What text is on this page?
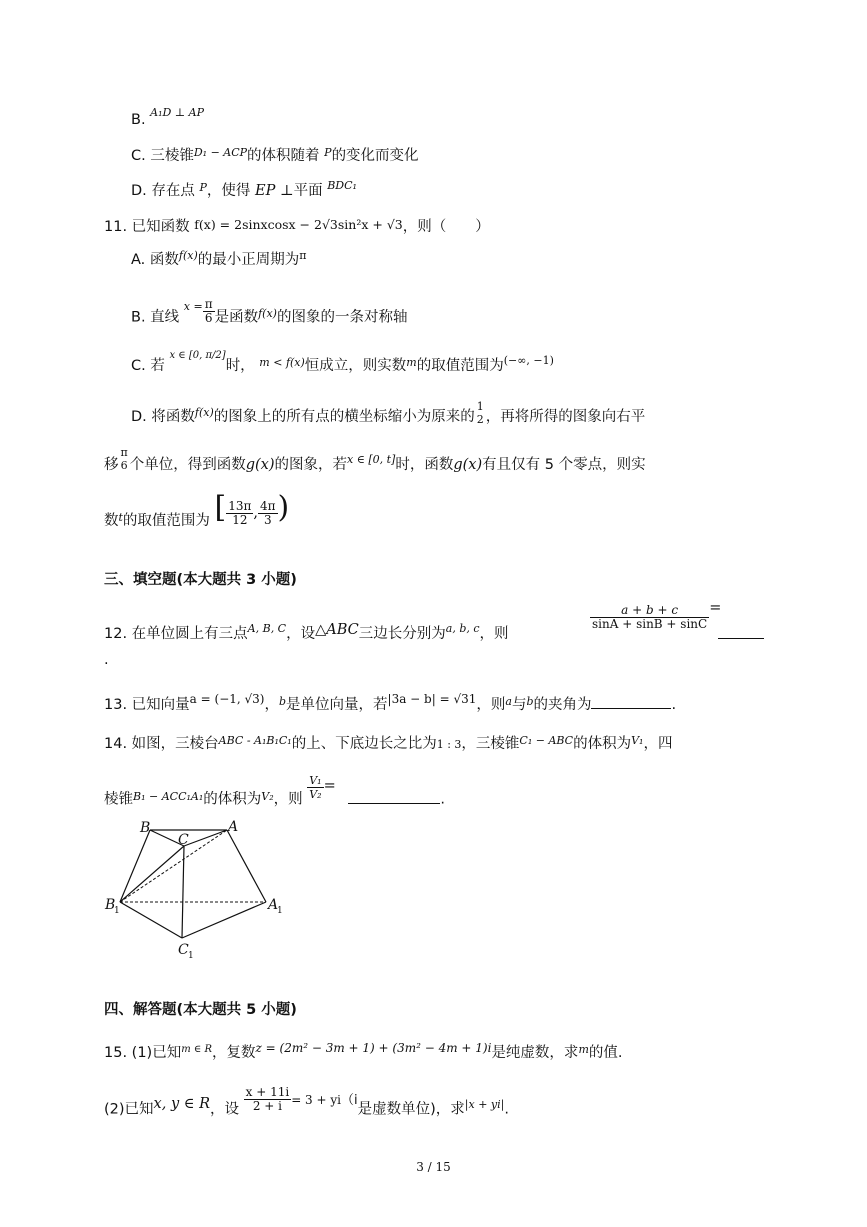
B. $^{A_1D \perp AP}$
C. 三棱锥$^{D_1 - ACP}$的体积随着 $^P$的变化而变化
D. 存在点 $^P$，使得 EP ⊥平面 $^{BDC_1}$
11. 已知函数 f(x) = 2sinxcosx − 2√3sin²x + √3，则（　　）
A. 函数$^{f(x)}$的最小正周期为$^\pi$
B. 直线 $^{x =} \frac{\pi}{6}$ 是函数$^{f(x)}$的图象的一条对称轴
C. 若 $^{x \in [0, \pi/2]}$时， $^{m < f(x)}$恒成立，则实数$^m$的取值范围为$^{(-\infty, -1)}$
D. 将函数$^{f(x)}$的图象上的所有点的横坐标缩小为原来的
1
2 ，再将所得的图象向右平
移
π
6 个单位，得到函数g(x)的图象，若$^{x \in [0, t]}$时，函数g(x)有且仅有 5 个零点，则实
数$^t$的取值范围为 [ $\frac{13\pi}{12}$ , $\frac{4\pi}{3}$ )
三、填空题(本大题共 3 小题)
12. 在单位圆上有三点$^{A, B, C}$，设△ABC三边长分别为$^{a, b, c}$，则
$\frac{a + b + c}{\sin A + \sin B + \sin C}$ =
.
13. 已知向量$^{a = (-1, √3)}$，$^b$是单位向量，若$^{|3a - b| = √31}$，则$^a$与$^b$的夹角为	.
14. 如图，三棱台$^{ABC - A_1B_1C_1}$的上、下底边长之比为1 : 3，三棱锥$^{C_1 - ABC}$的体积为$^{V_1}$，四
棱锥$^{B_1 - ACC_1A_1}$的体积为$^{V_2}$，则 $\frac{\text{V₁}}{\text{V₂}}$ = .
B
C
A
B
1	A
1
C 1
四、解答题(本大题共 5 小题)
15. (1)已知$^{m \in R}$，复数$^{z = (2m^2 - 3m + 1) + (3m^2 - 4m + 1)i}$是纯虚数，求$^m$的值.
(2)已知x, y ∈ R，设 $\frac{x + 11i}{2 + i} ^{= 3 + yi}(i$是虚数单位)，求$^{|x + yi|}$.
3 / 15
